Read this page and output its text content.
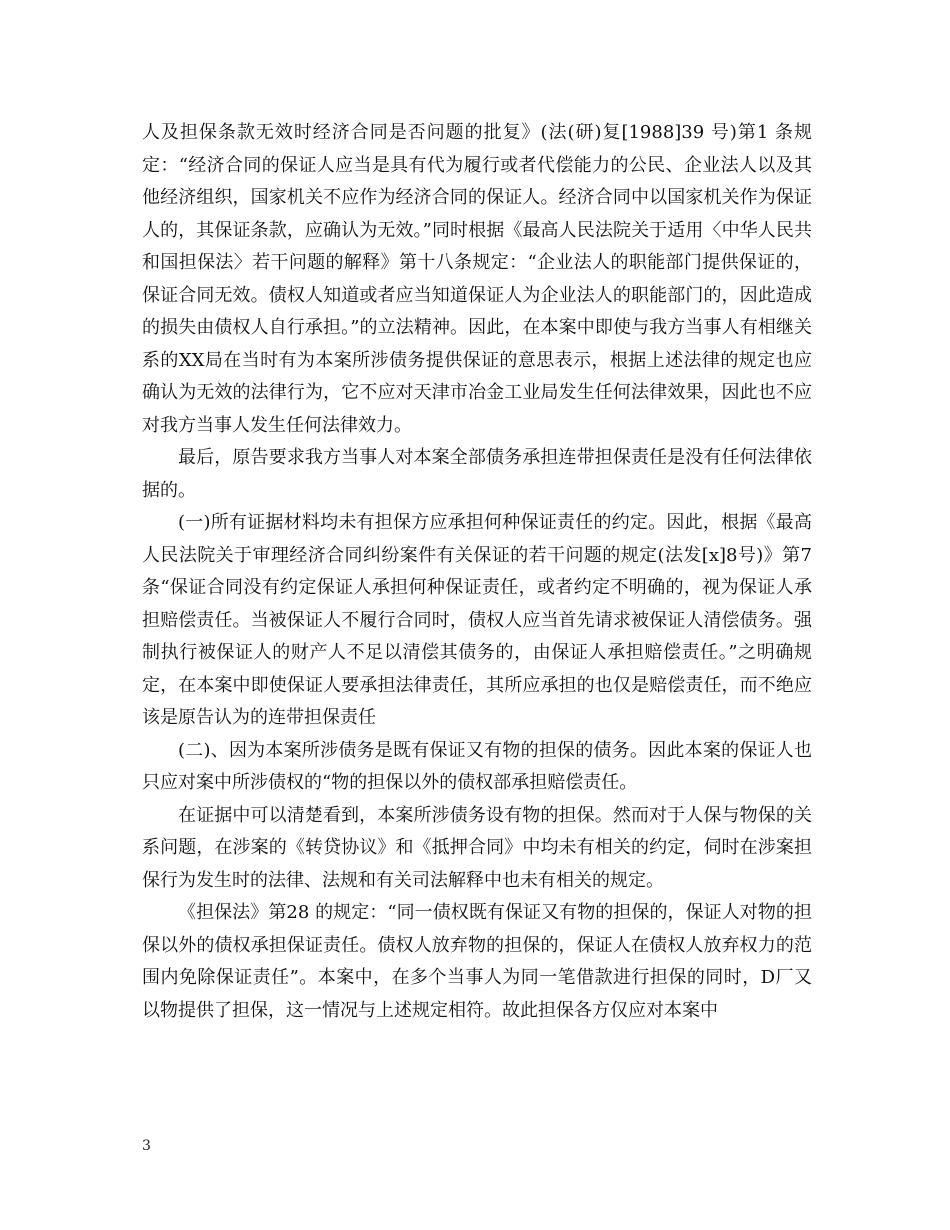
人及担保条款无效时经济合同是否问题的批复》(法(研)复[1988]39 号)第1 条规定：“经济合同的保证人应当是具有代为履行或者代偿能力的公民、企业法人以及其他经济组织，国家机关不应作为经济合同的保证人。经济合同中以国家机关作为保证人的，其保证条款，应确认为无效。”同时根据《最高人民法院关于适用〈中华人民共和国担保法〉若干问题的解释》第十八条规定：“企业法人的职能部门提供保证的，保证合同无效。债权人知道或者应当知道保证人为企业法人的职能部门的，因此造成的损失由债权人自行承担。”的立法精神。因此，在本案中即使与我方当事人有相继关系的XX局在当时有为本案所涉债务提供保证的意思表示，根据上述法律的规定也应确认为无效的法律行为，它不应对天津市冶金工业局发生任何法律效果，因此也不应对我方当事人发生任何法律效力。

最后，原告要求我方当事人对本案全部债务承担连带担保责任是没有任何法律依据的。

(一)所有证据材料均未有担保方应承担何种保证责任的约定。因此，根据《最高人民法院关于审理经济合同纠纷案件有关保证的若干问题的规定(法发[x]8号)》第7条“保证合同没有约定保证人承担何种保证责任，或者约定不明确的，视为保证人承担赔偿责任。当被保证人不履行合同时，债权人应当首先请求被保证人清偿债务。强制执行被保证人的财产人不足以清偿其债务的，由保证人承担赔偿责任。”之明确规定，在本案中即使保证人要承担法律责任，其所应承担的也仅是赔偿责任，而不绝应该是原告认为的连带担保责任

(二)、因为本案所涉债务是既有保证又有物的担保的债务。因此本案的保证人也只应对案中所涉债权的“物的担保以外的债权部承担赔偿责任。

在证据中可以清楚看到，本案所涉债务设有物的担保。然而对于人保与物保的关系问题，在涉案的《转贷协议》和《抵押合同》中均未有相关的约定，伺时在涉案担保行为发生时的法律、法规和有关司法解释中也未有相关的规定。

《担保法》第28 的规定：“同一债权既有保证又有物的担保的，保证人对物的担保以外的债权承担保证责任。债权人放弃物的担保的，保证人在债权人放弃权力的范围内免除保证责任”。本案中，在多个当事人为同一笔借款进行担保的同时，D厂又以物提供了担保，这一情况与上述规定相符。故此担保各方仅应对本案中

3
